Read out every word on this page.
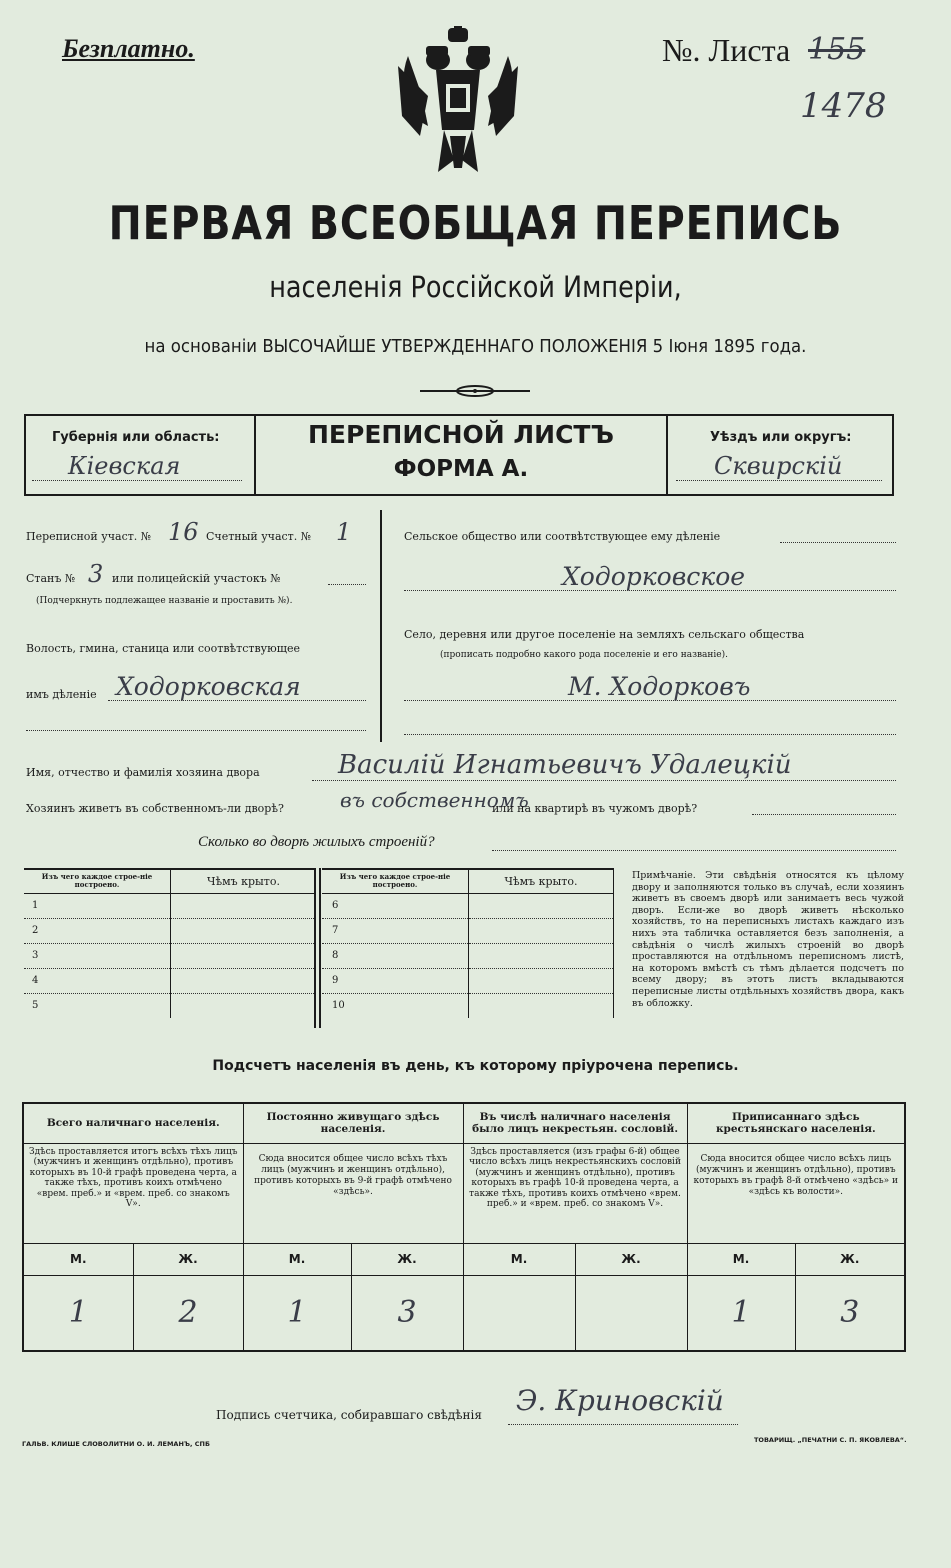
Безплатно.	№. Листа 155
1478
ПЕРВАЯ ВСЕОБЩАЯ ПЕРЕПИСЬ
населенія Россійской Имперіи,
на основаніи ВЫСОЧАЙШЕ УТВЕРЖДЕННАГО ПОЛОЖЕНІЯ 5 Іюня 1895 года.
Губернія или область:
Кіевская
ПЕРЕПИСНОЙ ЛИСТЪ
ФОРМА А.
Уѣздъ или округъ:
Сквирскій
Переписной участ. № 16 Счетный участ. № 1
Станъ № 3 или полицейскій участокъ №
(Подчеркнуть подлежащее названіе и проставить №).
Волость, гмина, станица или соотвѣтствующее
имъ дѣленіе Ходорковская
Сельское общество или соотвѣтствующее ему дѣленіе
Ходорковское
Село, деревня или другое поселеніе на земляхъ сельскаго общества
(прописать подробно какого рода поселеніе и его названіе).
М. Ходорковъ
Имя, отчество и фамилія хозяина двора	Василій Игнатьевичъ Удалецкій
Хозяинъ живетъ въ собственномъ-ли дворѣ?	въ собственномъ
или на квартирѣ въ чужомъ дворѣ?
Сколько во дворѣ жилыхъ строеній?
Изъ чего каждое строе-ніе построено.	Чѣмъ крыто.
1	
2	
3	
4	
5	
Изъ чего каждое строе-ніе построено.	Чѣмъ крыто.
6	
7	
8	
9	
10	
Примѣчаніе. Эти свѣдѣнія относятся къ цѣлому двору и заполняются только въ случаѣ, если хозяинъ живетъ въ своемъ дворѣ или занимаетъ весь чужой дворъ. Если-же во дворѣ живетъ нѣсколько хозяйствъ, то на переписныхъ листахъ каждаго изъ нихъ эта табличка оставляется безъ заполненія, а свѣдѣнія о числѣ жилыхъ строеній во дворѣ проставляются на отдѣльномъ переписномъ листѣ, на которомъ вмѣстѣ съ тѣмъ дѣлается подсчетъ по всему двору; въ этотъ листъ вкладываются переписные листы отдѣльныхъ хозяйствъ двора, какъ въ обложку.
Подсчетъ населенія въ день, къ которому пріурочена перепись.
Всего наличнаго населенія.		Постоянно живущаго здѣсь населенія.		Въ числѣ наличнаго населенія было лицъ некрестьян. сословій.		Приписаннаго здѣсь крестьянскаго населенія.	
Здѣсь проставляется итогъ всѣхъ тѣхъ лицъ (мужчинъ и женщинъ отдѣльно), противъ которыхъ въ 10-й графѣ проведена черта, а также тѣхъ, противъ коихъ отмѣчено «врем. преб.» и «врем. преб. со знакомъ V».		Сюда вносится общее число всѣхъ тѣхъ лицъ (мужчинъ и женщинъ отдѣльно), противъ которыхъ въ 9-й графѣ отмѣчено «здѣсь».		Здѣсь проставляется (изъ графы 6-й) общее число всѣхъ лицъ некрестьянскихъ сословій (мужчинъ и женщинъ отдѣльно), противъ которыхъ въ графѣ 10-й проведена черта, а также тѣхъ, противъ коихъ отмѣчено «врем. преб.» и «врем. преб. со знакомъ V».		Сюда вносится общее число всѣхъ лицъ (мужчинъ и женщинъ отдѣльно), противъ которыхъ въ графѣ 8-й отмѣчено «здѣсь» и «здѣсь къ волости».	
М.	Ж.	М.	Ж.	М.	Ж.	М.	Ж.
1	2	1	3			1	3
Подпись счетчика, собиравшаго свѣдѣнія Э. Криновскій
ГАЛЬВ. КЛИШЕ СЛОВОЛИТНИ О. И. ЛЕМАНЪ, СПБ	ТОВАРИЩ. „ПЕЧАТНИ С. П. ЯКОВЛЕВА“.
